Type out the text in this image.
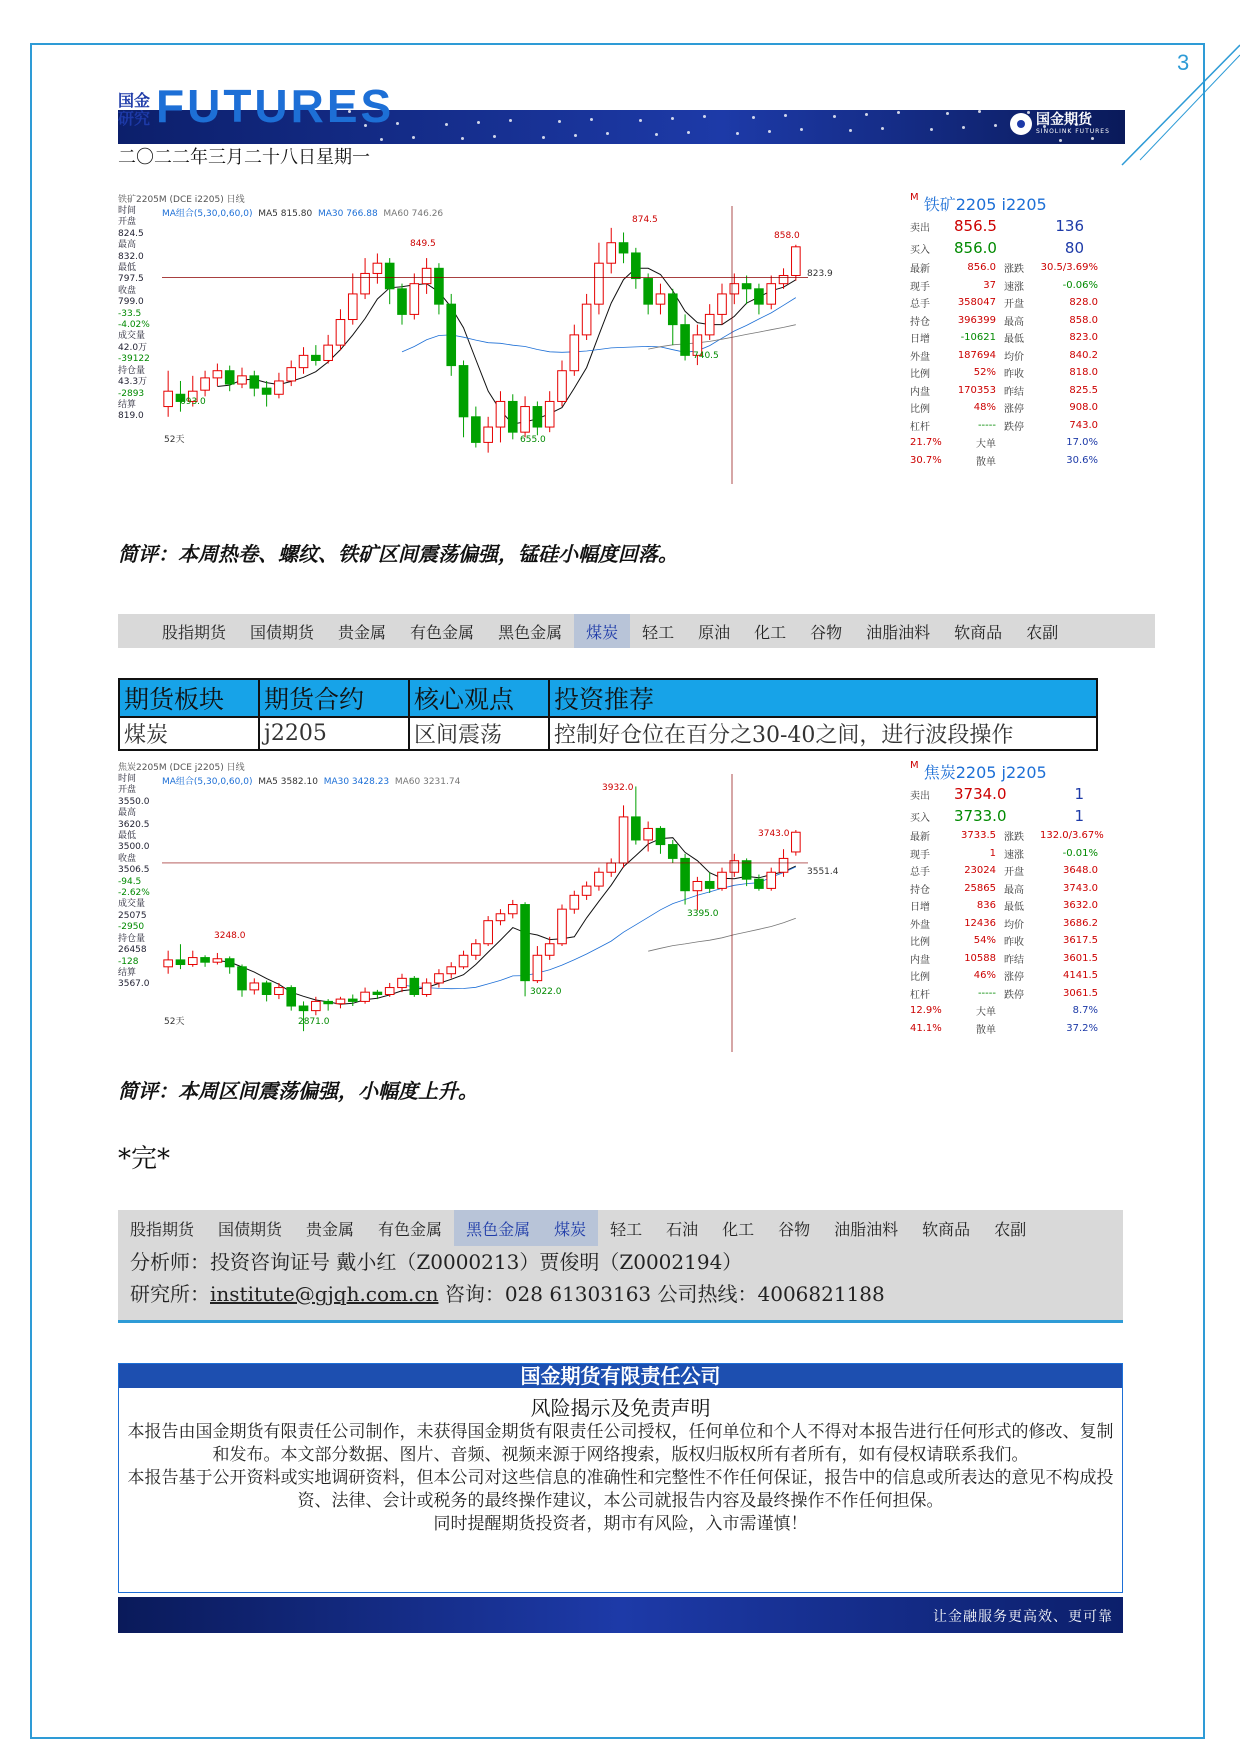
3
国金
研究 FUTURES	国金期货
SINOLINK FUTURES
二〇二二年三月二十八日星期一
铁矿2205M (DCE i2205) 日线
MA组合(5,30,0,60,0) MA5 815.80 MA30 766.88 MA60 746.26
时间
开盘
824.5
最高
832.0
最低
797.5
收盘
799.0
-33.5
-4.02%
成交量
42.0万
-39122
持仓量
43.3万
-2893
结算
819.0
849.5
874.5
858.0
823.9
740.5
693.0
655.0
52天
$^M$ 铁矿2205 i2205
卖出	856.5	136
买入	856.0	80
最新	856.0 涨跌	30.5/3.69%
现手	37 速涨	-0.06%
总手	358047 开盘	828.0
持仓	396399 最高	858.0
日增	-10621 最低	823.0
外盘	187694 均价	840.2
比例	52% 昨收	818.0
内盘	170353 昨结	825.5
比例	48% 涨停	908.0
杠杆	----- 跌停	743.0
21.7%	大单	17.0%
30.7%	散单	30.6%
简评：本周热卷、螺纹、铁矿区间震荡偏强，锰硅小幅度回落。
股指期货	国债期货	贵金属	有色金属	黑色金属	煤炭	轻工	原油	化工	谷物	油脂油料	软商品	农副
期货板块	期货合约	核心观点	投资推荐
煤炭	j2205	区间震荡	控制好仓位在百分之30-40之间，进行波段操作
焦炭2205M (DCE j2205) 日线
MA组合(5,30,0,60,0) MA5 3582.10 MA30 3428.23 MA60 3231.74
时间
开盘
3550.0
最高
3620.5
最低
3500.0
收盘
3506.5
-94.5
-2.62%
成交量
25075
-2950
持仓量
26458
-128
结算
3567.0
3932.0
3743.0
3551.4
3395.0
3248.0
3022.0
2871.0
52天
$^M$ 焦炭2205 j2205
卖出	3734.0	1
买入	3733.0	1
最新	3733.5 涨跌	132.0/3.67%
现手	1 速涨	-0.01%
总手	23024 开盘	3648.0
持仓	25865 最高	3743.0
日增	836 最低	3632.0
外盘	12436 均价	3686.2
比例	54% 昨收	3617.5
内盘	10588 昨结	3601.5
比例	46% 涨停	4141.5
杠杆	----- 跌停	3061.5
12.9%	大单	8.7%
41.1%	散单	37.2%
简评：本周区间震荡偏强，小幅度上升。
*完*
股指期货	国债期货	贵金属	有色金属	黑色金属	煤炭	轻工	石油	化工	谷物	油脂油料	软商品	农副
分析师：投资咨询证号 戴小红（Z0000213）贾俊明（Z0002194）
研究所：institute@gjqh.com.cn 咨询：028 61303163 公司热线：4006821188
国金期货有限责任公司
风险揭示及免责声明

本报告由国金期货有限责任公司制作，未获得国金期货有限责任公司授权，任何单位和个人不得对本报告进行任何形式的修改、复制和发布。本文部分数据、图片、音频、视频来源于网络搜索，版权归版权所有者所有，如有侵权请联系我们。

本报告基于公开资料或实地调研资料，但本公司对这些信息的准确性和完整性不作任何保证，报告中的信息或所表达的意见不构成投资、法律、会计或税务的最终操作建议，本公司就报告内容及最终操作不作任何担保。

同时提醒期货投资者，期市有风险，入市需谨慎！

让金融服务更高效、更可靠
